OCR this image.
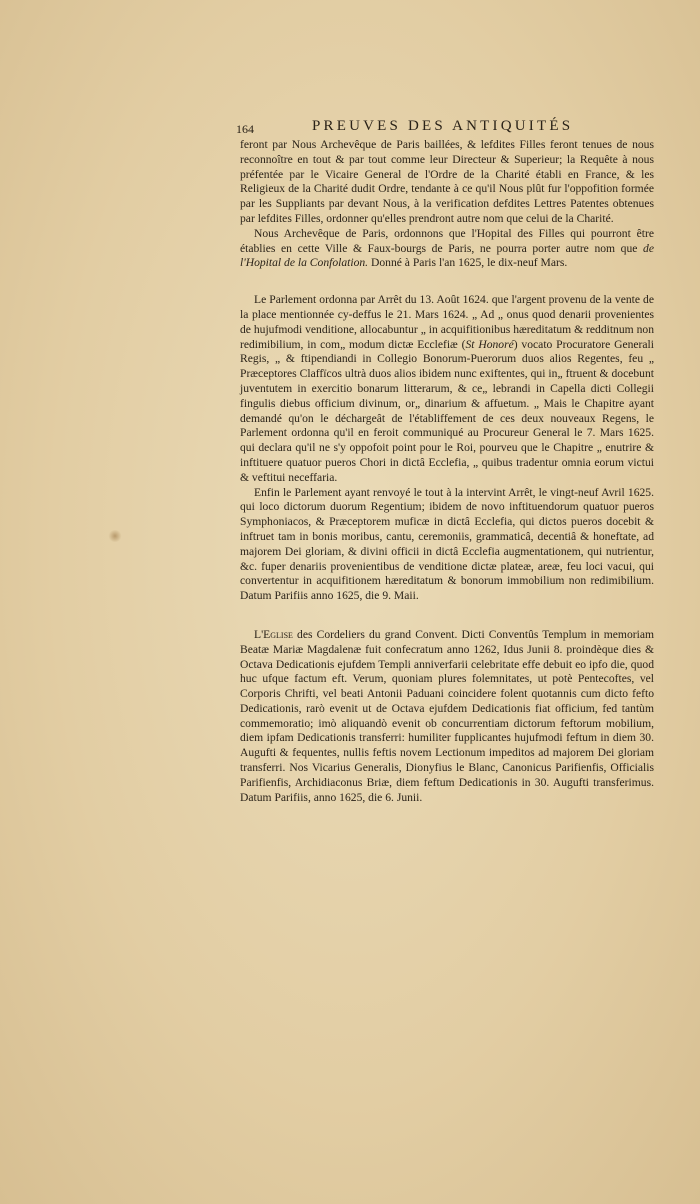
164	PREUVES DES ANTIQUITÉS

feront par Nous Archevêque de Paris baillées, & lefdites Filles feront tenues de nous reconnoître en tout & par tout comme leur Directeur & Superieur; la Requête à nous préfentée par le Vicaire General de l'Ordre de la Charité établi en France, & les Religieux de la Charité dudit Ordre, tendante à ce qu'il Nous plût fur l'oppofition formée par les Suppliants par devant Nous, à la verification defdites Lettres Patentes obtenues par lefdites Filles, ordonner qu'elles prendront autre nom que celui de la Charité.

Nous Archevêque de Paris, ordonnons que l'Hopital des Filles qui pourront être établies en cette Ville & Faux-bourgs de Paris, ne pourra porter autre nom que de l'Hopital de la Confolation. Donné à Paris l'an 1625, le dix-neuf Mars.

Le Parlement ordonna par Arrêt du 13. Août 1624. que l'argent provenu de la vente de la place mentionnée cy-deffus le 21. Mars 1624. „ Ad „ onus quod denarii provenientes de hujufmodi venditione, allocabuntur „ in acquifitionibus hæreditatum & redditnum non redimibilium, in com„ modum dictæ Ecclefiæ (St Honoré) vocato Procuratore Generali Regis, „ & ftipendiandi in Collegio Bonorum-Puerorum duos alios Regentes, feu „ Præceptores Claffïcos ultrà duos alios ibidem nunc exiftentes, qui in„ ftruent & docebunt juventutem in exercitio bonarum litterarum, & ce„ lebrandi in Capella dicti Collegii fingulis diebus officium divinum, or„ dinarium & affuetum. „ Mais le Chapitre ayant demandé qu'on le déchargeât de l'établiffement de ces deux nouveaux Regens, le Parlement ordonna qu'il en feroit communiqué au Procureur General le 7. Mars 1625. qui declara qu'il ne s'y oppofoit point pour le Roi, pourveu que le Chapitre „ enutrire & inftituere quatuor pueros Chori in dictâ Ecclefia, „ quibus tradentur omnia eorum victui & veftitui neceffaria.

Enfin le Parlement ayant renvoyé le tout à la intervint Arrêt, le vingt-neuf Avril 1625. qui loco dictorum duorum Regentium; ibidem de novo inftituendorum quatuor pueros Symphoniacos, & Præceptorem muficæ in dictâ Ecclefia, qui dictos pueros docebit & inftruet tam in bonis moribus, cantu, ceremoniis, grammaticâ, decentiâ & honeftate, ad majorem Dei gloriam, & divini officii in dictâ Ecclefia augmentationem, qui nutrientur, &c. fuper denariis provenientibus de venditione dictæ plateæ, areæ, feu loci vacui, qui convertentur in acquifitionem hæreditatum & bonorum immobilium non redimibilium. Datum Parifiis anno 1625, die 9. Maii.

L'Eglise des Cordeliers du grand Convent. Dicti Conventûs Templum in memoriam Beatæ Mariæ Magdalenæ fuit confecratum anno 1262, Idus Junii 8. proindèque dies & Octava Dedicationis ejufdem Templi anniverfarii celebritate effe debuit eo ipfo die, quod huc ufque factum eft. Verum, quoniam plures folemnitates, ut potè Pentecoftes, vel Corporis Chrifti, vel beati Antonii Paduani coincidere folent quotannis cum dicto fefto Dedicationis, rarò evenit ut de Octava ejufdem Dedicationis fiat officium, fed tantùm commemoratio; imò aliquandò evenit ob concurrentiam dictorum feftorum mobilium, diem ipfam Dedicationis transferri: humiliter fupplicantes hujufmodi feftum in diem 30. Augufti & fequentes, nullis feftis novem Lectionum impeditos ad majorem Dei gloriam transferri. Nos Vicarius Generalis, Dionyfius le Blanc, Canonicus Parifienfis, Officialis Parifienfis, Archidiaconus Briæ, diem feftum Dedicationis in 30. Augufti transferimus. Datum Parifiis, anno 1625, die 6. Junii.
